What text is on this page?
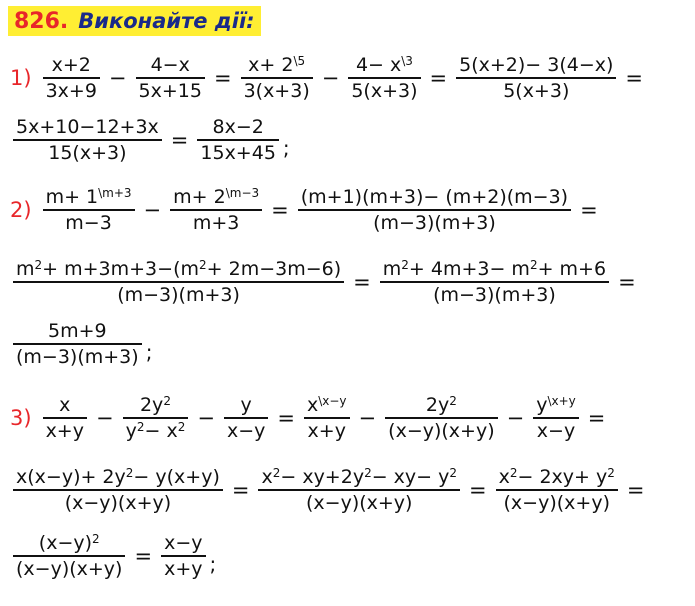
826. Виконайте дії:
$1) \frac{x+2}{3x+9} - \frac{4-x}{5x+15} = \frac{x+ 2^{\backslash 5}}{3(x+3)} - \frac{4- x^{\backslash 3}}{5(x+3)} = \frac{5(x+2)- 3(4-x)}{5(x+3)}$ =
$\frac{5x+10-12+3x}{15(x+3)} = \frac{8x-2}{15x+45}$ ;
$2) \frac{m+ 1^{\backslash m+3}}{m-3} - \frac{m+ 2^{\backslash m-3}}{m+3} = \frac{(m+1)(m+3)- (m+2)(m-3)}{(m-3)(m+3)}$ =
$\frac{m^2+ m+3m+3-(m^2+ 2m-3m-6)}{(m-3)(m+3)} = \frac{m^2+ 4m+3- m^2+ m+6}{(m-3)(m+3)}$ =
$\frac{5m+9}{(m-3)(m+3)}$ ;
$3) \frac{x}{x+y} - \frac{2y^2}{y^2- x^2} - \frac{y}{x-y} = \frac{x^{\backslash x-y}}{x+y} - \frac{2y^2}{(x-y)(x+y)} - \frac{y^{\backslash x+y}}{x-y}$ =
$\frac{x(x-y)+ 2y^2- y(x+y)}{(x-y)(x+y)} = \frac{x^2- xy+2y^2- xy- y^2}{(x-y)(x+y)} = \frac{x^2- 2xy+ y^2}{(x-y)(x+y)}$ =
$\frac{(x-y)^2}{(x-y)(x+y)} = \frac{x-y}{x+y}$ ;
